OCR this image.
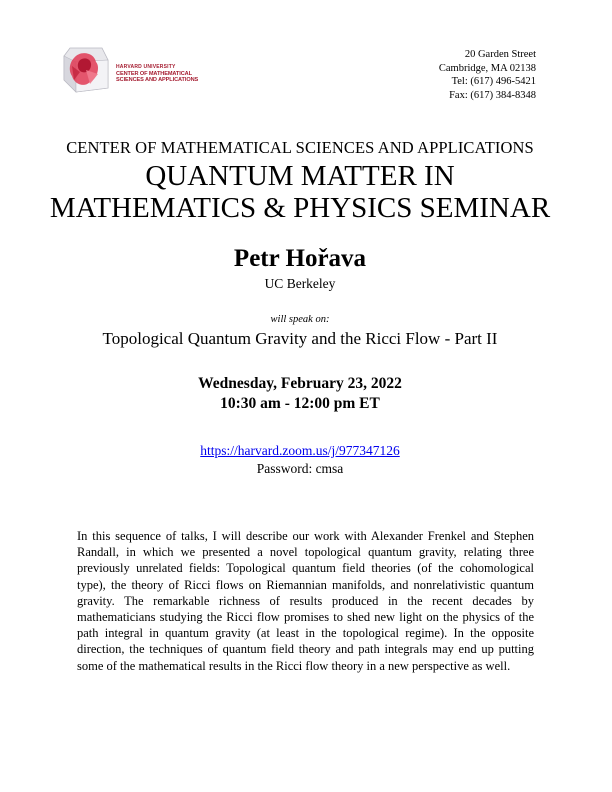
HARVARD UNIVERSITY
CENTER OF MATHEMATICAL
SCIENCES AND APPLICATIONS
20 Garden Street
Cambridge, MA 02138
Tel: (617) 496-5421
Fax: (617) 384-8348
CENTER OF MATHEMATICAL SCIENCES AND APPLICATIONS
QUANTUM MATTER IN
MATHEMATICS & PHYSICS SEMINAR
Petr Hořava
UC Berkeley
will speak on:
Topological Quantum Gravity and the Ricci Flow - Part II
Wednesday, February 23, 2022
10:30 am - 12:00 pm ET
https://harvard.zoom.us/j/977347126
Password: cmsa
In this sequence of talks, I will describe our work with Alexander Frenkel and Stephen Randall, in which we presented a novel topological quantum gravity, relating three previously unrelated fields: Topological quantum field theories (of the cohomological type), the theory of Ricci flows on Riemannian manifolds, and nonrelativistic quantum gravity. The remarkable richness of results produced in the recent decades by mathematicians studying the Ricci flow promises to shed new light on the physics of the path integral in quantum gravity (at least in the topological regime). In the opposite direction, the techniques of quantum field theory and path integrals may end up putting some of the mathematical results in the Ricci flow theory in a new perspective as well.
